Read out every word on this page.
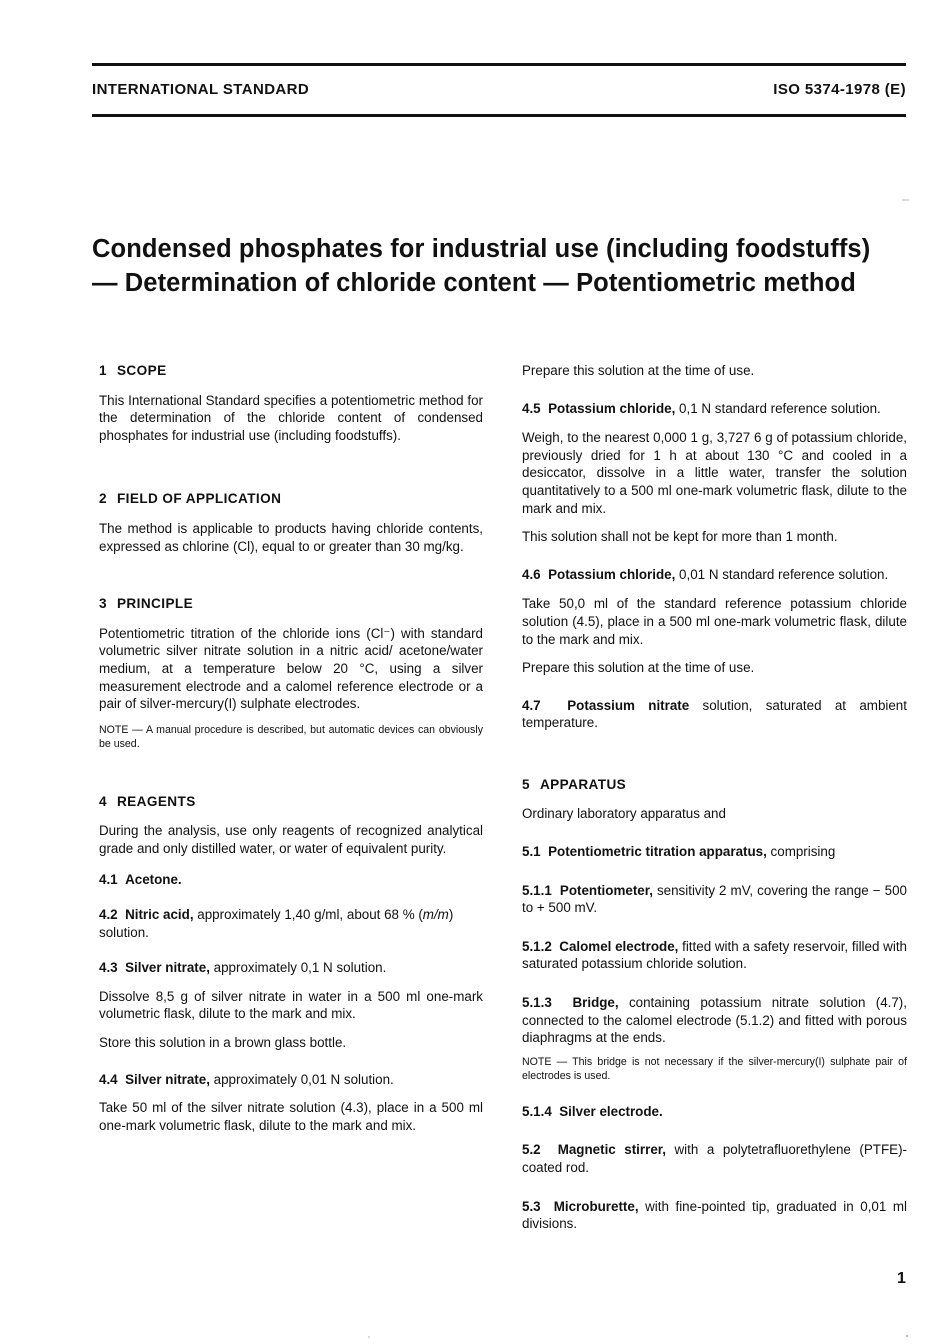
INTERNATIONAL STANDARD	ISO 5374-1978 (E)
Condensed phosphates for industrial use (including foodstuffs)
— Determination of chloride content — Potentiometric method
1 SCOPE

This International Standard specifies a potentiometric method for the determination of the chloride content of condensed phosphates for industrial use (including foodstuffs).

2 FIELD OF APPLICATION

The method is applicable to products having chloride contents, expressed as chlorine (Cl), equal to or greater than 30 mg/kg.

3 PRINCIPLE

Potentiometric titration of the chloride ions (Cl⁻) with standard volumetric silver nitrate solution in a nitric acid/ acetone/water medium, at a temperature below 20 °C, using a silver measurement electrode and a calomel reference electrode or a pair of silver-mercury(I) sulphate electrodes.

NOTE — A manual procedure is described, but automatic devices can obviously be used.

4 REAGENTS

During the analysis, use only reagents of recognized analytical grade and only distilled water, or water of equivalent purity.

4.1 Acetone.

4.2 Nitric acid, approximately 1,40 g/ml, about 68 % (m/m) solution.

4.3 Silver nitrate, approximately 0,1 N solution.

Dissolve 8,5 g of silver nitrate in water in a 500 ml one-mark volumetric flask, dilute to the mark and mix.

Store this solution in a brown glass bottle.

4.4 Silver nitrate, approximately 0,01 N solution.

Take 50 ml of the silver nitrate solution (4.3), place in a 500 ml one-mark volumetric flask, dilute to the mark and mix.

Prepare this solution at the time of use.

4.5 Potassium chloride, 0,1 N standard reference solution.

Weigh, to the nearest 0,000 1 g, 3,727 6 g of potassium chloride, previously dried for 1 h at about 130 °C and cooled in a desiccator, dissolve in a little water, transfer the solution quantitatively to a 500 ml one-mark volumetric flask, dilute to the mark and mix.

This solution shall not be kept for more than 1 month.

4.6 Potassium chloride, 0,01 N standard reference solution.

Take 50,0 ml of the standard reference potassium chloride solution (4.5), place in a 500 ml one-mark volumetric flask, dilute to the mark and mix.

Prepare this solution at the time of use.

4.7 Potassium nitrate solution, saturated at ambient temperature.

5 APPARATUS

Ordinary laboratory apparatus and

5.1 Potentiometric titration apparatus, comprising

5.1.1 Potentiometer, sensitivity 2 mV, covering the range − 500 to + 500 mV.

5.1.2 Calomel electrode, fitted with a safety reservoir, filled with saturated potassium chloride solution.

5.1.3 Bridge, containing potassium nitrate solution (4.7), connected to the calomel electrode (5.1.2) and fitted with porous diaphragms at the ends.

NOTE — This bridge is not necessary if the silver-mercury(I) sulphate pair of electrodes is used.

5.1.4 Silver electrode.

5.2 Magnetic stirrer, with a polytetrafluorethylene (PTFE)-coated rod.

5.3 Microburette, with fine-pointed tip, graduated in 0,01 ml divisions.

1
